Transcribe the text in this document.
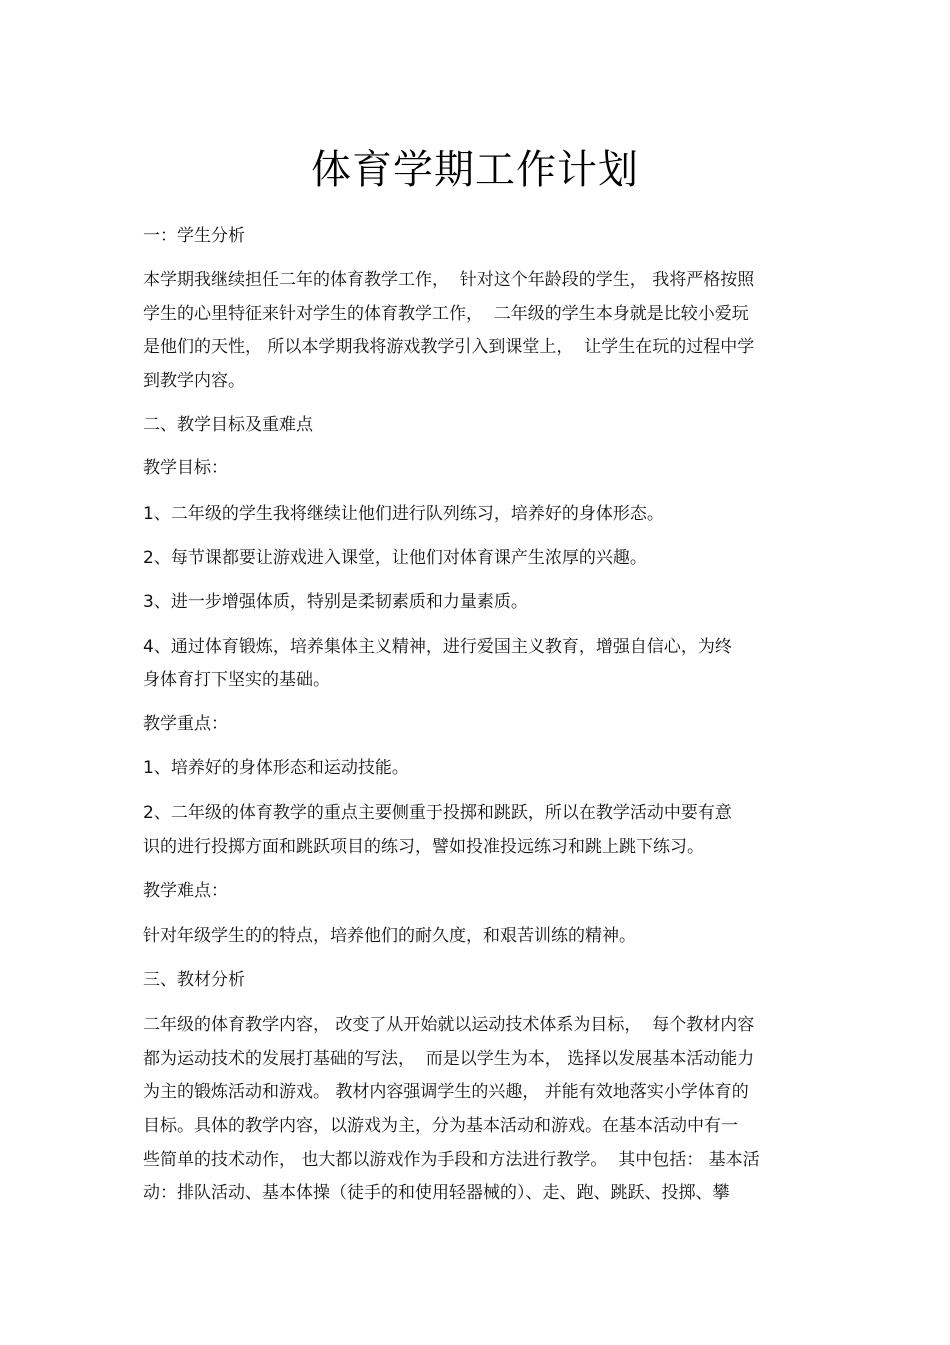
体育学期工作计划
一：学生分析
本学期我继续担任二年的体育教学工作，  针对这个年龄段的学生， 我将严格按照
学生的心里特征来针对学生的体育教学工作，  二年级的学生本身就是比较小爱玩
是他们的天性， 所以本学期我将游戏教学引入到课堂上，  让学生在玩的过程中学
到教学内容。
二、教学目标及重难点
教学目标：
1、二年级的学生我将继续让他们进行队列练习，培养好的身体形态。
2、每节课都要让游戏进入课堂，让他们对体育课产生浓厚的兴趣。
3、进一步增强体质，特别是柔韧素质和力量素质。
4、通过体育锻炼，培养集体主义精神，进行爱国主义教育，增强自信心，为终
身体育打下坚实的基础。
教学重点：
1、培养好的身体形态和运动技能。
2、二年级的体育教学的重点主要侧重于投掷和跳跃，所以在教学活动中要有意
识的进行投掷方面和跳跃项目的练习，譬如投准投远练习和跳上跳下练习。
教学难点：
针对年级学生的的特点，培养他们的耐久度，和艰苦训练的精神。
三、教材分析
二年级的体育教学内容， 改变了从开始就以运动技术体系为目标，  每个教材内容
都为运动技术的发展打基础的写法，  而是以学生为本， 选择以发展基本活动能力
为主的锻炼活动和游戏。 教材内容强调学生的兴趣， 并能有效地落实小学体育的
目标。具体的教学内容，以游戏为主，分为基本活动和游戏。在基本活动中有一
些简单的技术动作， 也大都以游戏作为手段和方法进行教学。  其中包括： 基本活
动：排队活动、基本体操（徒手的和使用轻器械的）、走、跑、跳跃、投掷、攀
